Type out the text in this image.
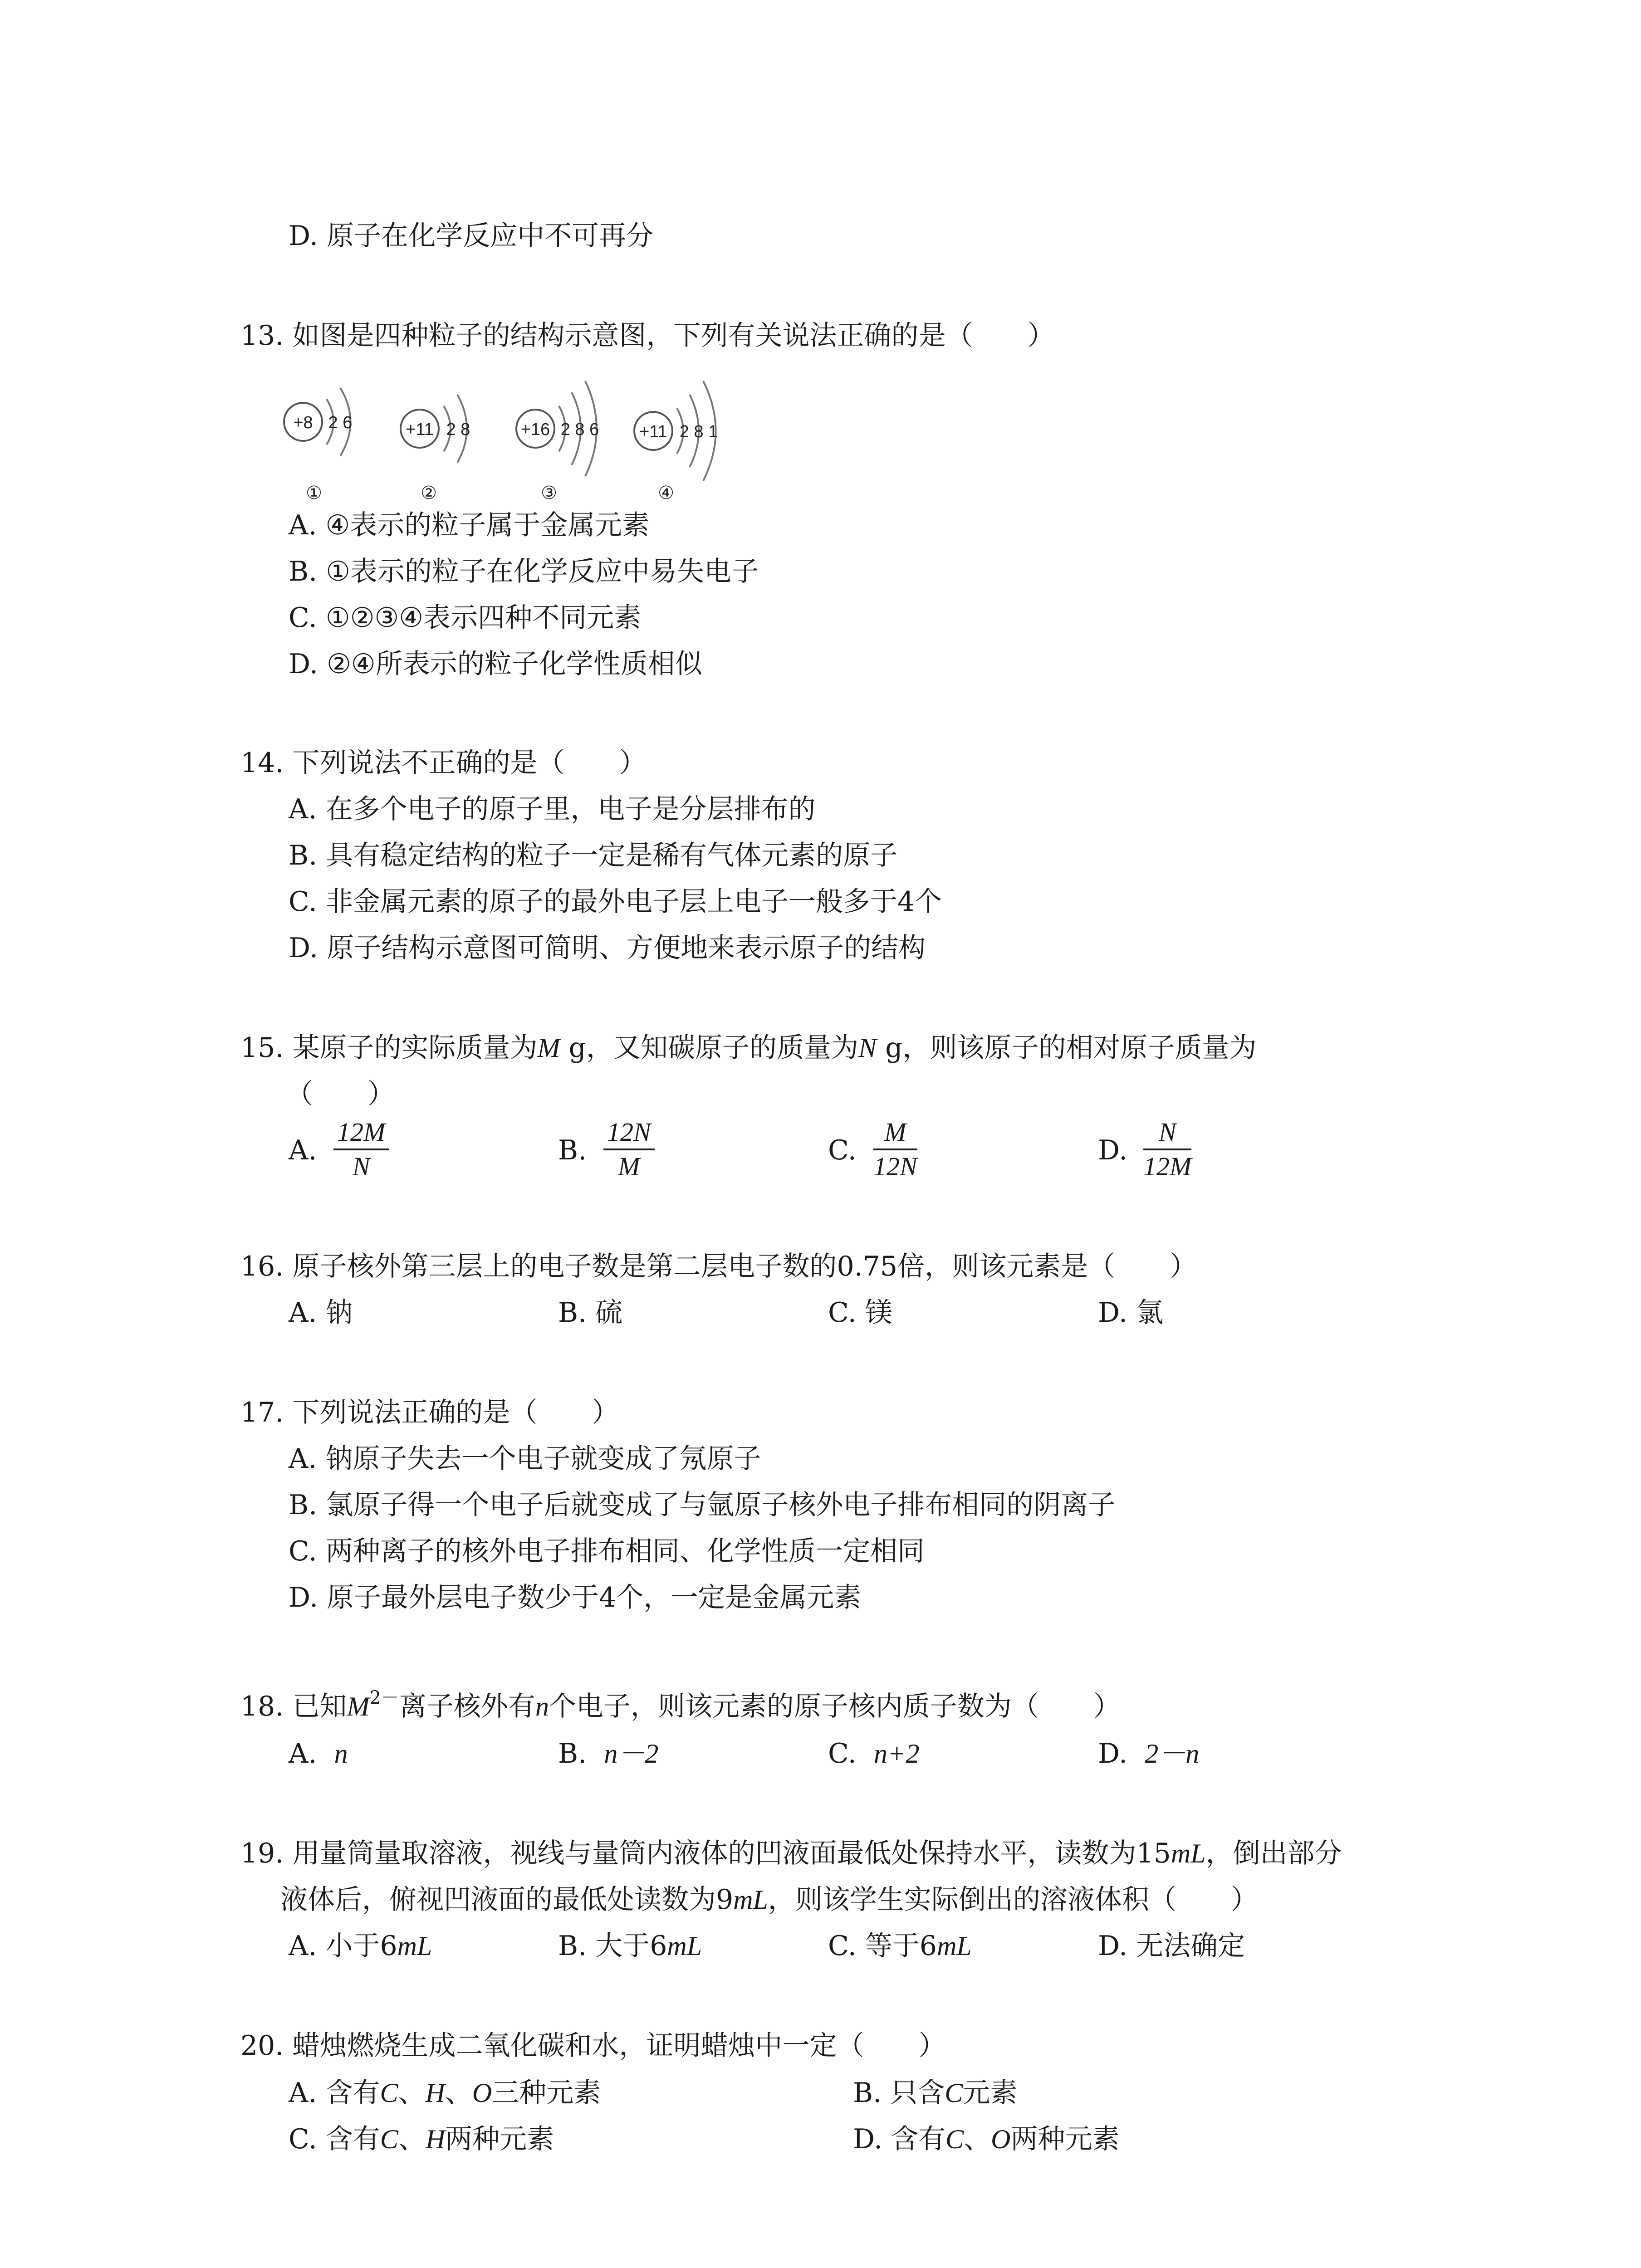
D. 原子在化学反应中不可再分
13. 如图是四种粒子的结构示意图，下列有关说法正确的是（　　）
+8 2 6
①
+11 2 8
②
+16 2 8 6
③
+11 2 8 1
④
A. ④表示的粒子属于金属元素
B. ①表示的粒子在化学反应中易失电子
C. ①②③④表示四种不同元素
D. ②④所表示的粒子化学性质相似
14. 下列说法不正确的是（　　）
A. 在多个电子的原子里，电子是分层排布的
B. 具有稳定结构的粒子一定是稀有气体元素的原子
C. 非金属元素的原子的最外电子层上电子一般多于4个
D. 原子结构示意图可简明、方便地来表示原子的结构
15. 某原子的实际质量为M g，又知碳原子的质量为N g，则该原子的相对原子质量为
（　　）
A. $\frac{12M}{N}$	B. $\frac{12N}{M}$	C. $\frac{M}{12N}$	D. $\frac{N}{12M}$
16. 原子核外第三层上的电子数是第二层电子数的0.75倍，则该元素是（　　）
A. 钠	B. 硫	C. 镁	D. 氯
17. 下列说法正确的是（　　）
A. 钠原子失去一个电子就变成了氖原子
B. 氯原子得一个电子后就变成了与氩原子核外电子排布相同的阴离子
C. 两种离子的核外电子排布相同、化学性质一定相同
D. 原子最外层电子数少于4个，一定是金属元素
18. 已知$M^{2-}$离子核外有n个电子，则该元素的原子核内质子数为（　　）
A. n	B. n－2	C. n+2	D. 2－n
19. 用量筒量取溶液，视线与量筒内液体的凹液面最低处保持水平，读数为15mL，倒出部分
液体后，俯视凹液面的最低处读数为9mL，则该学生实际倒出的溶液体积（　　）
A. 小于6mL	B. 大于6mL	C. 等于6mL	D. 无法确定
20. 蜡烛燃烧生成二氧化碳和水，证明蜡烛中一定（　　）
A. 含有C、H、O三种元素	B. 只含C元素
C. 含有C、H两种元素	D. 含有C、O两种元素
